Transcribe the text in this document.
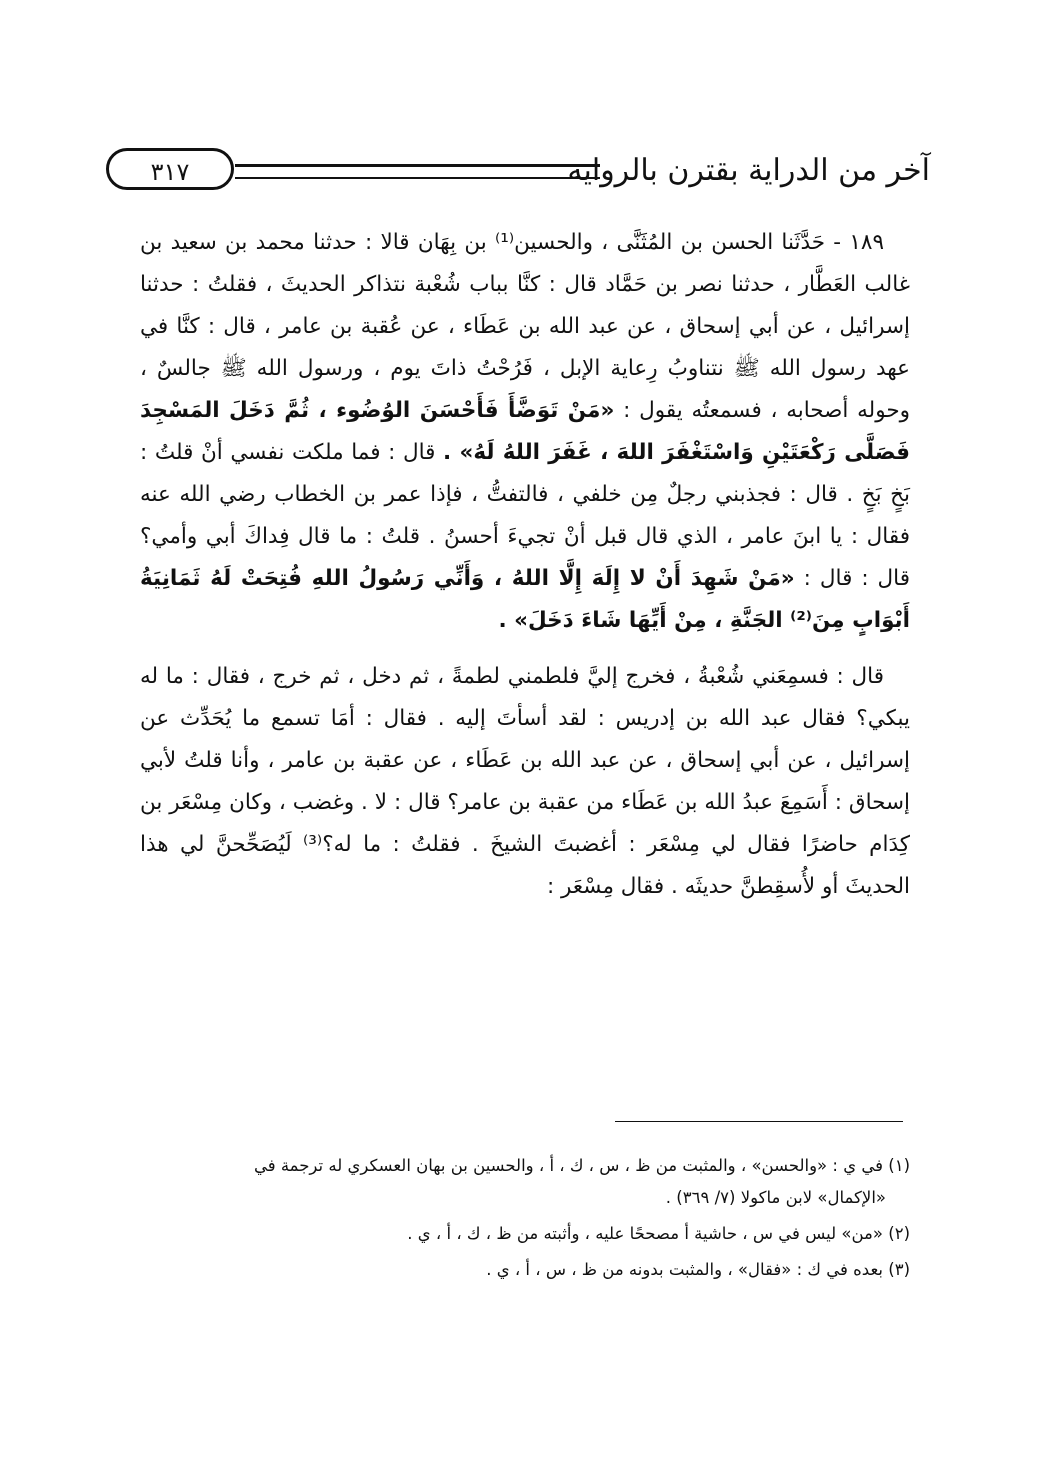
آخر من الدراية بقترن بالرواية
٣١٧

١٨٩ - حَدَّثَنا الحسن بن المُثَنَّى ، والحسين⁽¹⁾ بن بِهَان قالا : حدثنا محمد بن سعيد بن غالب العَطَّار ، حدثنا نصر بن حَمَّاد قال : كنَّا بباب شُعْبة نتذاكر الحديثَ ، فقلتُ : حدثنا إسرائيل ، عن أبي إسحاق ، عن عبد الله بن عَطَاء ، عن عُقبة بن عامر ، قال : كنَّا في عهد رسول الله ﷺ نتناوبُ رِعاية الإبل ، فَرُحْتُ ذاتَ يوم ، ورسول الله ﷺ جالسٌ ، وحوله أصحابه ، فسمعتُه يقول : «مَنْ تَوَضَّأَ فَأَحْسَنَ الوُضُوء ، ثُمَّ دَخَلَ المَسْجِدَ فَصَلَّى رَكْعَتَيْنِ وَاسْتَغْفَرَ اللهَ ، غَفَرَ اللهُ لَهُ» . قال : فما ملكت نفسي أنْ قلتُ : بَخٍ بَخٍ . قال : فجذبني رجلٌ مِن خلفي ، فالتفتُّ ، فإذا عمر بن الخطاب رضي الله عنه فقال : يا ابنَ عامر ، الذي قال قبل أنْ تجيءَ أحسنُ . قلتُ : ما قال فِداكَ أبي وأمي؟ قال : قال : «مَنْ شَهِدَ أَنْ لا إِلَهَ إِلَّا اللهُ ، وَأَنِّي رَسُولُ اللهِ فُتِحَتْ لَهُ ثَمَانِيَةُ أَبْوَابٍ مِنَ⁽²⁾ الجَنَّةِ ، مِنْ أَيِّهَا شَاءَ دَخَلَ» .

قال : فسمِعَني شُعْبةُ ، فخرج إليَّ فلطمني لطمةً ، ثم دخل ، ثم خرج ، فقال : ما له يبكي؟ فقال عبد الله بن إدريس : لقد أسأتَ إليه . فقال : أمَا تسمع ما يُحَدِّث عن إسرائيل ، عن أبي إسحاق ، عن عبد الله بن عَطَاء ، عن عقبة بن عامر ، وأنا قلتُ لأبي إسحاق : أَسَمِعَ عبدُ الله بن عَطَاء من عقبة بن عامر؟ قال : لا . وغضب ، وكان مِسْعَر بن كِدَام حاضرًا فقال لي مِسْعَر : أغضبتَ الشيخَ . فقلتُ : ما له؟⁽³⁾ لَيُصَحِّحنَّ لي هذا الحديثَ أو لأُسقِطنَّ حديثَه . فقال مِسْعَر :

(١) في ي : «والحسن» ، والمثبت من ظ ، س ، ك ، أ ، والحسين بن بهان العسكري له ترجمة في

«الإكمال» لابن ماكولا (٧/ ٣٦٩) .

(٢) «من» ليس في س ، حاشية أ مصححًا عليه ، وأثبته من ظ ، ك ، أ ، ي .

(٣) بعده في ك : «فقال» ، والمثبت بدونه من ظ ، س ، أ ، ي .
